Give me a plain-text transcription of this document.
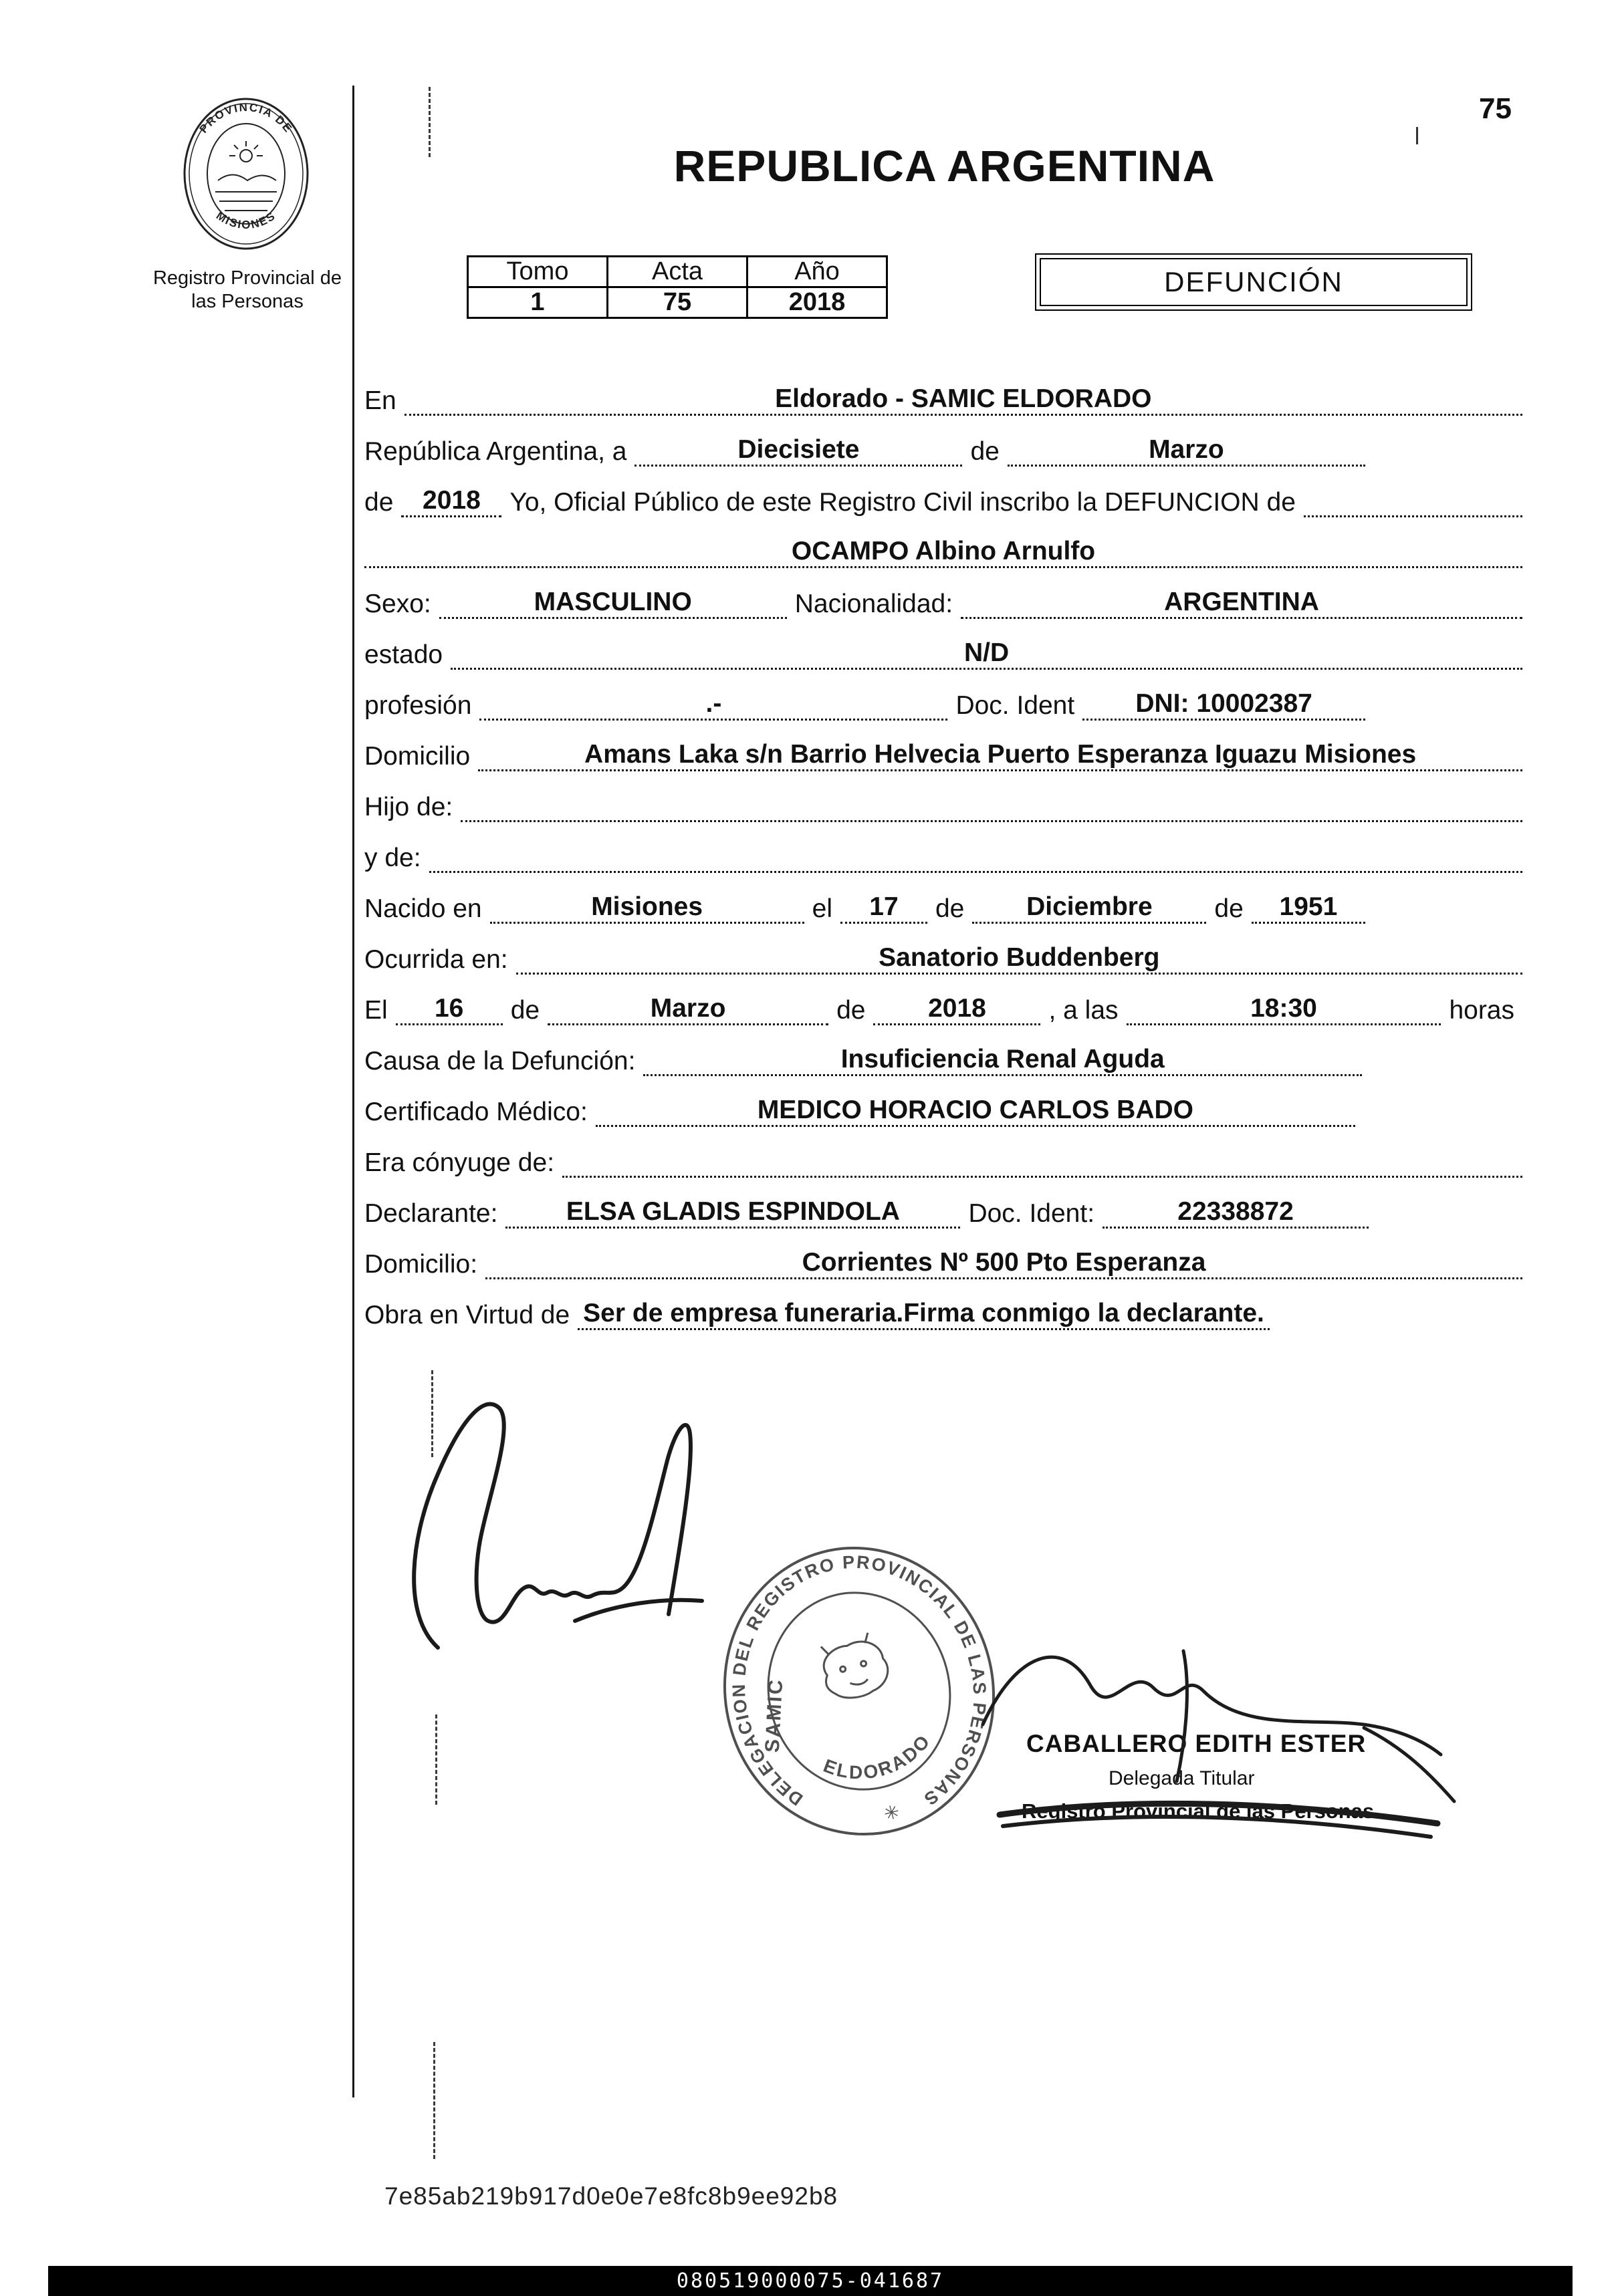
PROVINCIA DE
MISIONES
Registro Provincial de
las Personas
75
REPUBLICA ARGENTINA
Tomo	Acta	Año
1	75	2018
DEFUNCIÓN
En	Eldorado - SAMIC ELDORADO
República Argentina, a	Diecisiete	de	Marzo
de	2018	Yo, Oficial Público de este Registro Civil inscribo la DEFUNCION de
OCAMPO Albino Arnulfo
Sexo:	MASCULINO	Nacionalidad:	ARGENTINA
estado	N/D
profesión	.-	Doc. Ident	DNI: 10002387
Domicilio	Amans Laka s/n Barrio Helvecia Puerto Esperanza Iguazu Misiones
Hijo de:
y de:
Nacido en	Misiones	el	17	de	Diciembre	de	1951
Ocurrida en:	Sanatorio Buddenberg
El	16	de	Marzo	de	2018	, a las	18:30	horas
Causa de la Defunción:	Insuficiencia Renal Aguda
Certificado Médico:	MEDICO HORACIO CARLOS BADO
Era cónyuge de:
Declarante:	ELSA GLADIS ESPINDOLA	Doc. Ident:	22338872
Domicilio:	Corrientes Nº 500 Pto Esperanza
Obra en Virtud de Ser de empresa funeraria.Firma conmigo la declarante.
DELEGACION DEL REGISTRO PROVINCIAL DE LAS PERSONAS
SAMIC
ELDORADO
✳
CABALLERO EDITH ESTER
Delegada Titular
Registro Provincial de las Personas
7e85ab219b917d0e0e7e8fc8b9ee92b8
080519000075-041687
